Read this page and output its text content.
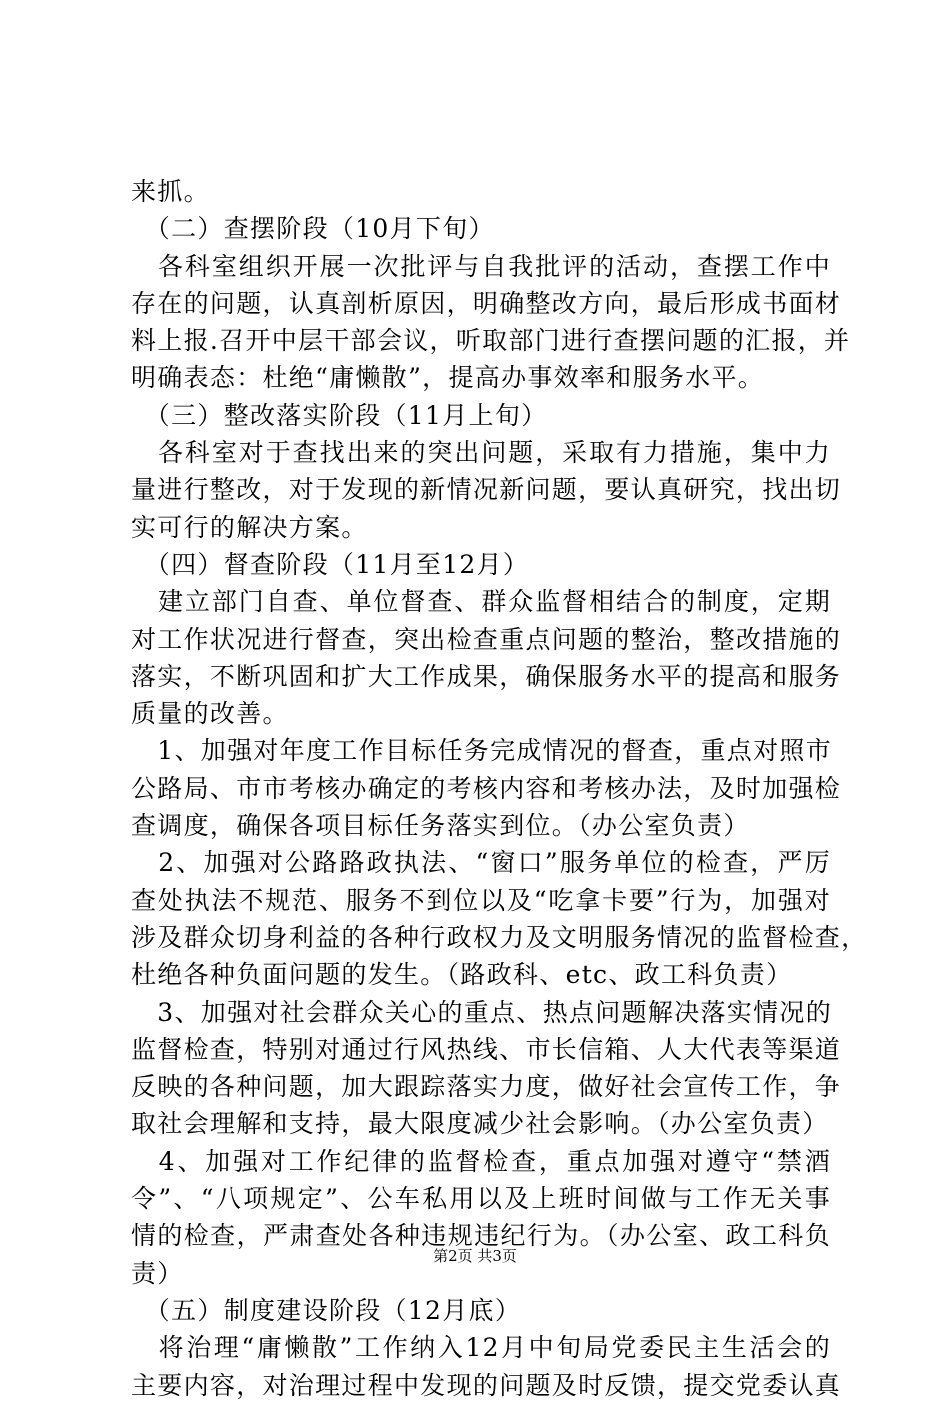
来抓。
　（二）查摆阶段（10月下旬）
　各科室组织开展一次批评与自我批评的活动，查摆工作中
存在的问题，认真剖析原因，明确整改方向，最后形成书面材
料上报.召开中层干部会议，听取部门进行查摆问题的汇报，并
明确表态：杜绝“庸懒散”，提高办事效率和服务水平。
　（三）整改落实阶段（11月上旬）
　各科室对于查找出来的突出问题，采取有力措施，集中力
量进行整改，对于发现的新情况新问题，要认真研究，找出切
实可行的解决方案。
　（四）督查阶段（11月至12月）
　建立部门自查、单位督查、群众监督相结合的制度，定期
对工作状况进行督查，突出检查重点问题的整治，整改措施的
落实，不断巩固和扩大工作成果，确保服务水平的提高和服务
质量的改善。
　1、加强对年度工作目标任务完成情况的督查，重点对照市
公路局、市市考核办确定的考核内容和考核办法，及时加强检
查调度，确保各项目标任务落实到位。（办公室负责）
　2、加强对公路路政执法、“窗口”服务单位的检查，严厉
查处执法不规范、服务不到位以及“吃拿卡要”行为，加强对
涉及群众切身利益的各种行政权力及文明服务情况的监督检查，
杜绝各种负面问题的发生。（路政科、etc、政工科负责）
　3、加强对社会群众关心的重点、热点问题解决落实情况的
监督检查，特别对通过行风热线、市长信箱、人大代表等渠道
反映的各种问题，加大跟踪落实力度，做好社会宣传工作，争
取社会理解和支持，最大限度减少社会影响。（办公室负责）
　4、加强对工作纪律的监督检查，重点加强对遵守“禁酒
令”、“八项规定”、公车私用以及上班时间做与工作无关事
情的检查，严肃查处各种违规违纪行为。（办公室、政工科负
责）
　（五）制度建设阶段（12月底）
　将治理“庸懒散”工作纳入12月中旬局党委民主生活会的
主要内容，对治理过程中发现的问题及时反馈，提交党委认真
第2页 共3页
